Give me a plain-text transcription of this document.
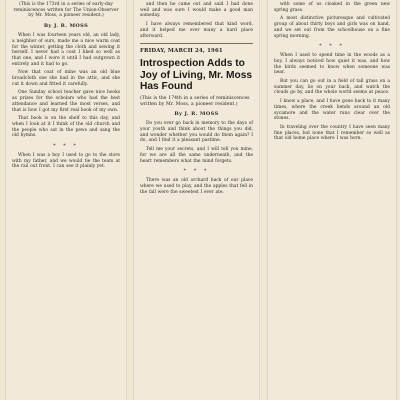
(This is the 173rd in a series of early-day reminiscences written for The Union-Observer by Mr. Moss, a pioneer resident.)

By J. R. MOSS

When I was fourteen years old, an old lady, a neighbor of ours, made me a nice warm coat for the winter, getting the cloth and sewing it herself. I never had a coat I liked so well as that one, and I wore it until I had outgrown it entirely and it had to go.

Now that coat of mine was an old blue broadcloth one she had in the attic, and she cut it down and fitted it carefully.

One Sunday school teacher gave nice books as prizes for the scholars who had the best attendance and learned the most verses, and that is how I got my first real book of my own.

That book is on the shelf to this day, and when I look at it I think of the old church and the people who sat in the pews and sang the old hymns.

* * *

When I was a boy I used to go to the store with my father, and we would tie the team at the rail out front. I can see it plainly yet.

and then he came out and said I had done well and was sure I would make a good man someday.

I have always remembered that kind word, and it helped me over many a hard place afterward.

FRIDAY, MARCH 24, 1961
Introspection Adds to Joy of Living, Mr. Moss Has Found

(This is the 174th in a series of reminiscences written by Mr. Moss, a pioneer resident.)

By J. R. MOSS

Do you ever go back in memory to the days of your youth and think about the things you did, and wonder whether you would do them again? I do, and I find it a pleasant pastime.

Tell me your secrets, and I will tell you mine, for we are all the same underneath, and the heart remembers what the mind forgets.

* * *

There was an old orchard back of our place where we used to play, and the apples that fell in the fall were the sweetest I ever ate.

with some of us cloaked in the green new spring grass.

A most distinctive picturesque and cultivated group of about thirty boys and girls was on hand, and we set out from the schoolhouse on a fine spring morning.

* * *

When I used to spend time in the woods as a boy, I always noticed how quiet it was, and how the birds seemed to know when someone was near.

But you can go out in a field of tall grass on a summer day, lie on your back, and watch the clouds go by, and the whole world seems at peace.

I know a place, and I have gone back to it many times, where the creek bends around an old sycamore and the water runs clear over the stones.

In traveling over the country I have seen many fine places, but none that I remember so well as that old home place where I was born.
